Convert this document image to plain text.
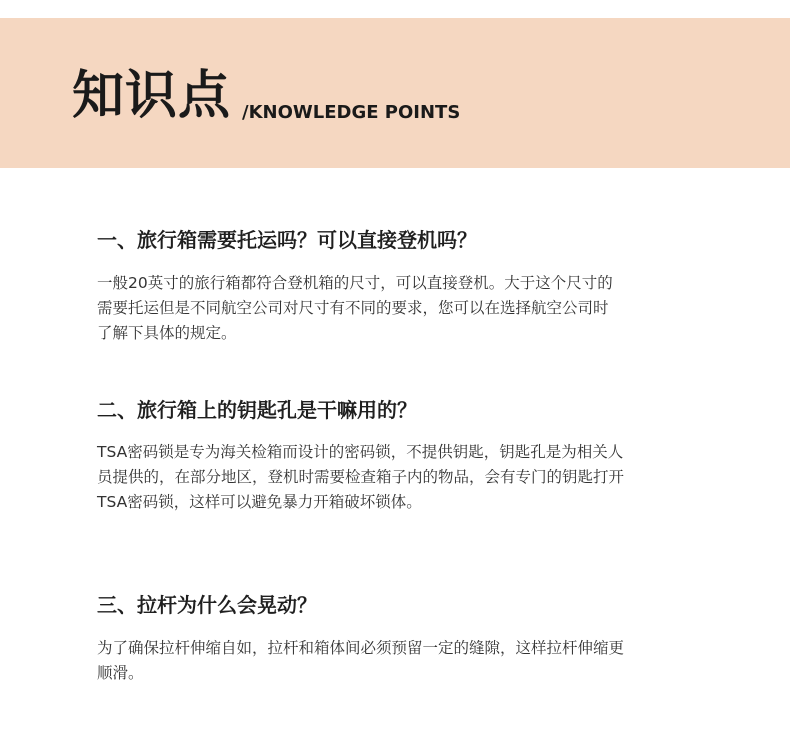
知识点 /KNOWLEDGE POINTS
一、旅行箱需要托运吗？可以直接登机吗？

一般20英寸的旅行箱都符合登机箱的尺寸，可以直接登机。大于这个尺寸的
需要托运但是不同航空公司对尺寸有不同的要求，您可以在选择航空公司时
了解下具体的规定。

二、旅行箱上的钥匙孔是干嘛用的？

TSA密码锁是专为海关检箱而设计的密码锁，不提供钥匙，钥匙孔是为相关人
员提供的，在部分地区，登机时需要检查箱子内的物品，会有专门的钥匙打开
TSA密码锁，这样可以避免暴力开箱破坏锁体。

三、拉杆为什么会晃动？

为了确保拉杆伸缩自如，拉杆和箱体间必须预留一定的缝隙，这样拉杆伸缩更
顺滑。
